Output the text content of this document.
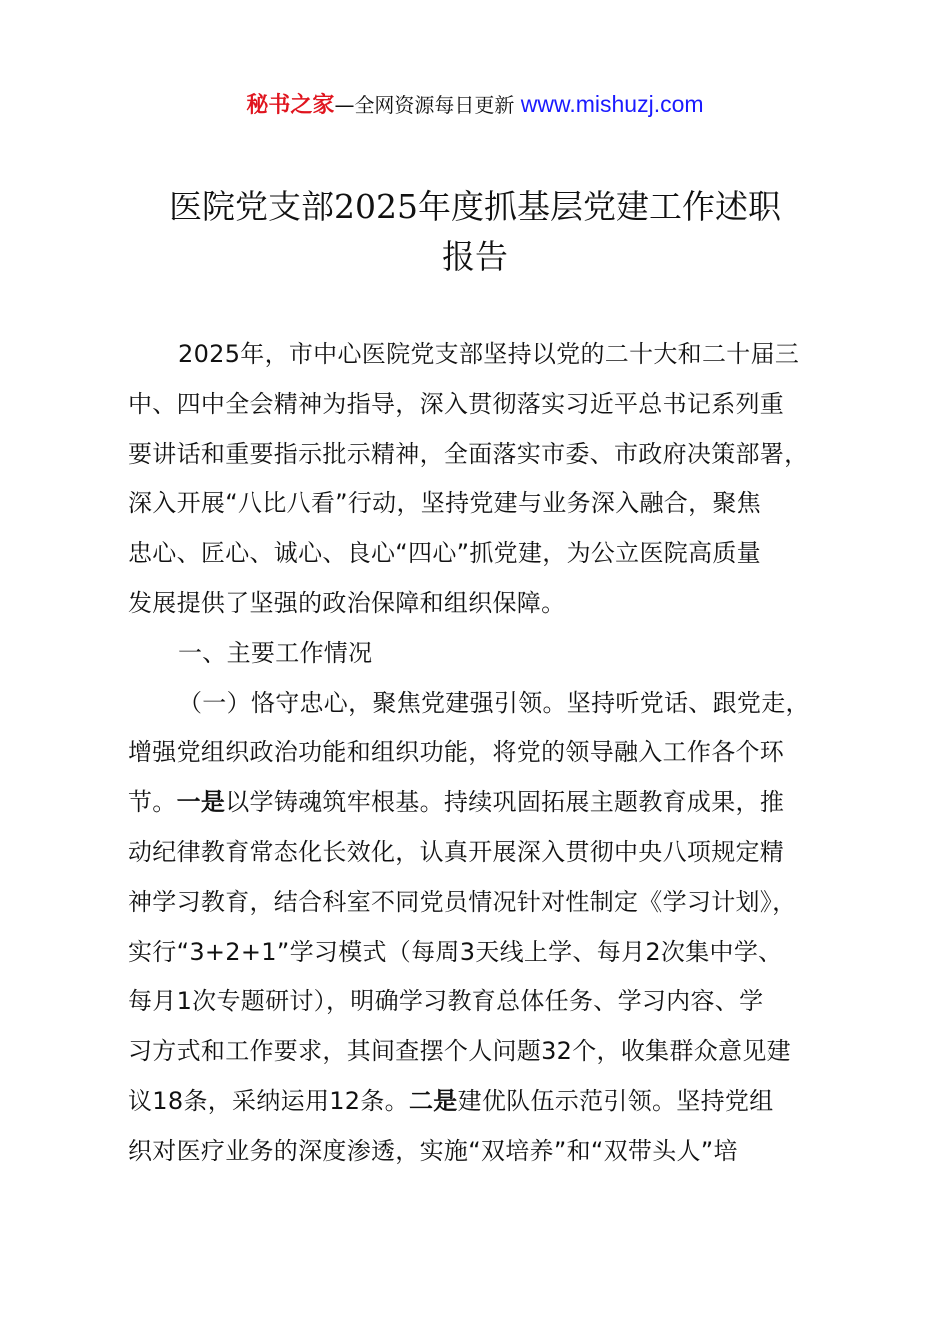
秘书之家—全网资源每日更新 www.mishuzj.com
医院党支部2025年度抓基层党建工作述职
报告
2025年，市中心医院党支部坚持以党的二十大和二十届三
中、四中全会精神为指导，深入贯彻落实习近平总书记系列重
要讲话和重要指示批示精神，全面落实市委、市政府决策部署，
深入开展“八比八看”行动，坚持党建与业务深入融合，聚焦
忠心、匠心、诚心、良心“四心”抓党建，为公立医院高质量
发展提供了坚强的政治保障和组织保障。
一、主要工作情况
（一）恪守忠心，聚焦党建强引领。坚持听党话、跟党走，
增强党组织政治功能和组织功能，将党的领导融入工作各个环
节。一是以学铸魂筑牢根基。持续巩固拓展主题教育成果，推
动纪律教育常态化长效化，认真开展深入贯彻中央八项规定精
神学习教育，结合科室不同党员情况针对性制定《学习计划》，
实行“3+2+1”学习模式（每周3天线上学、每月2次集中学、
每月1次专题研讨），明确学习教育总体任务、学习内容、学
习方式和工作要求，其间查摆个人问题32个，收集群众意见建
议18条，采纳运用12条。二是建优队伍示范引领。坚持党组
织对医疗业务的深度渗透，实施“双培养”和“双带头人”培
